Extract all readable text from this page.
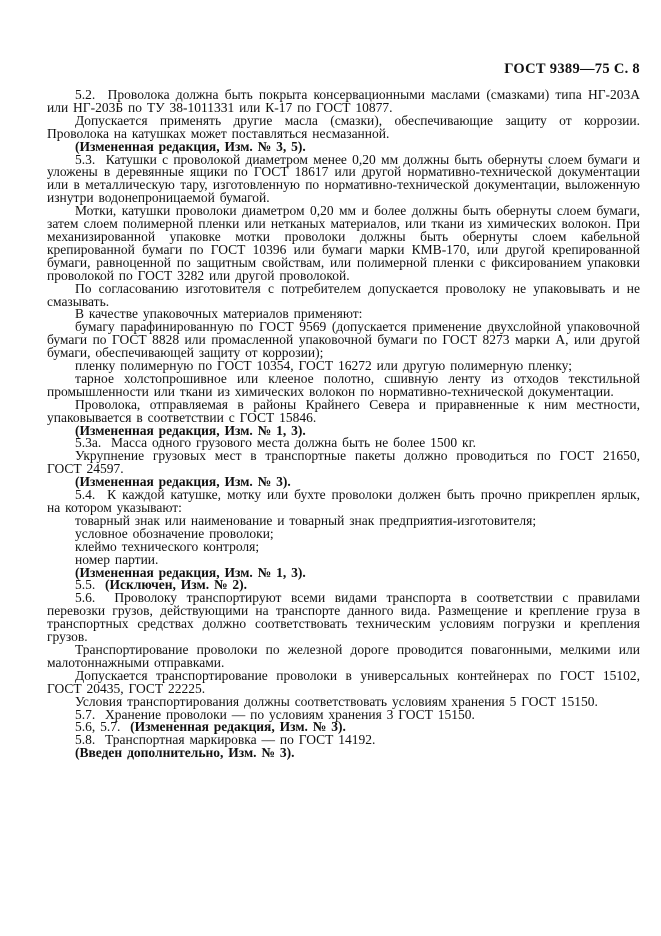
ГОСТ 9389—75 С. 8

5.2.  Проволока должна быть покрыта консервационными маслами (смазками) типа НГ-203А или НГ-203Б по ТУ 38-1011331 или К-17 по ГОСТ 10877.

Допускается применять другие масла (смазки), обеспечивающие защиту от коррозии. Проволока на катушках может поставляться несмазанной.

(Измененная редакция, Изм. № 3, 5).

5.3.  Катушки с проволокой диаметром менее 0,20 мм должны быть обернуты слоем бумаги и уложены в деревянные ящики по ГОСТ 18617 или другой нормативно-технической документации или в металлическую тару, изготовленную по нормативно-технической документации, выложенную изнутри водонепроницаемой бумагой.

Мотки, катушки проволоки диаметром 0,20 мм и более должны быть обернуты слоем бумаги, затем слоем полимерной пленки или нетканых материалов, или ткани из химических волокон. При механизированной упаковке мотки проволоки должны быть обернуты слоем кабельной крепированной бумаги по ГОСТ 10396 или бумаги марки КМВ-170, или другой крепированной бумаги, равноценной по защитным свойствам, или полимерной пленки с фиксированием упаковки проволокой по ГОСТ 3282 или другой проволокой.

По согласованию изготовителя с потребителем допускается проволоку не упаковывать и не смазывать.

В качестве упаковочных материалов применяют:

бумагу парафинированную по ГОСТ 9569 (допускается применение двухслойной упаковочной бумаги по ГОСТ 8828 или промасленной упаковочной бумаги по ГОСТ 8273 марки А, или другой бумаги, обеспечивающей защиту от коррозии);

пленку полимерную по ГОСТ 10354, ГОСТ 16272 или другую полимерную пленку;

тарное холстопрошивное или клееное полотно, сшивную ленту из отходов текстильной промышленности или ткани из химических волокон по нормативно-технической документации.

Проволока, отправляемая в районы Крайнего Севера и приравненные к ним местности, упаковывается в соответствии с ГОСТ 15846.

(Измененная редакция, Изм. № 1, 3).

5.3а.  Масса одного грузового места должна быть не более 1500 кг.

Укрупнение грузовых мест в транспортные пакеты должно проводиться по ГОСТ 21650, ГОСТ 24597.

(Измененная редакция, Изм. № 3).

5.4.  К каждой катушке, мотку или бухте проволоки должен быть прочно прикреплен ярлык, на котором указывают:

товарный знак или наименование и товарный знак предприятия-изготовителя;

условное обозначение проволоки;

клеймо технического контроля;

номер партии.

(Измененная редакция, Изм. № 1, 3).

5.5.  (Исключен, Изм. № 2).

5.6.  Проволоку транспортируют всеми видами транспорта в соответствии с правилами перевозки грузов, действующими на транспорте данного вида. Размещение и крепление груза в транспортных средствах должно соответствовать техническим условиям погрузки и крепления грузов.

Транспортирование проволоки по железной дороге проводится повагонными, мелкими или малотоннажными отправками.

Допускается транспортирование проволоки в универсальных контейнерах по ГОСТ 15102, ГОСТ 20435, ГОСТ 22225.

Условия транспортирования должны соответствовать условиям хранения 5 ГОСТ 15150.

5.7.  Хранение проволоки — по условиям хранения 3 ГОСТ 15150.

5.6, 5.7.  (Измененная редакция, Изм. № 3).

5.8.  Транспортная маркировка — по ГОСТ 14192.

(Введен дополнительно, Изм. № 3).
